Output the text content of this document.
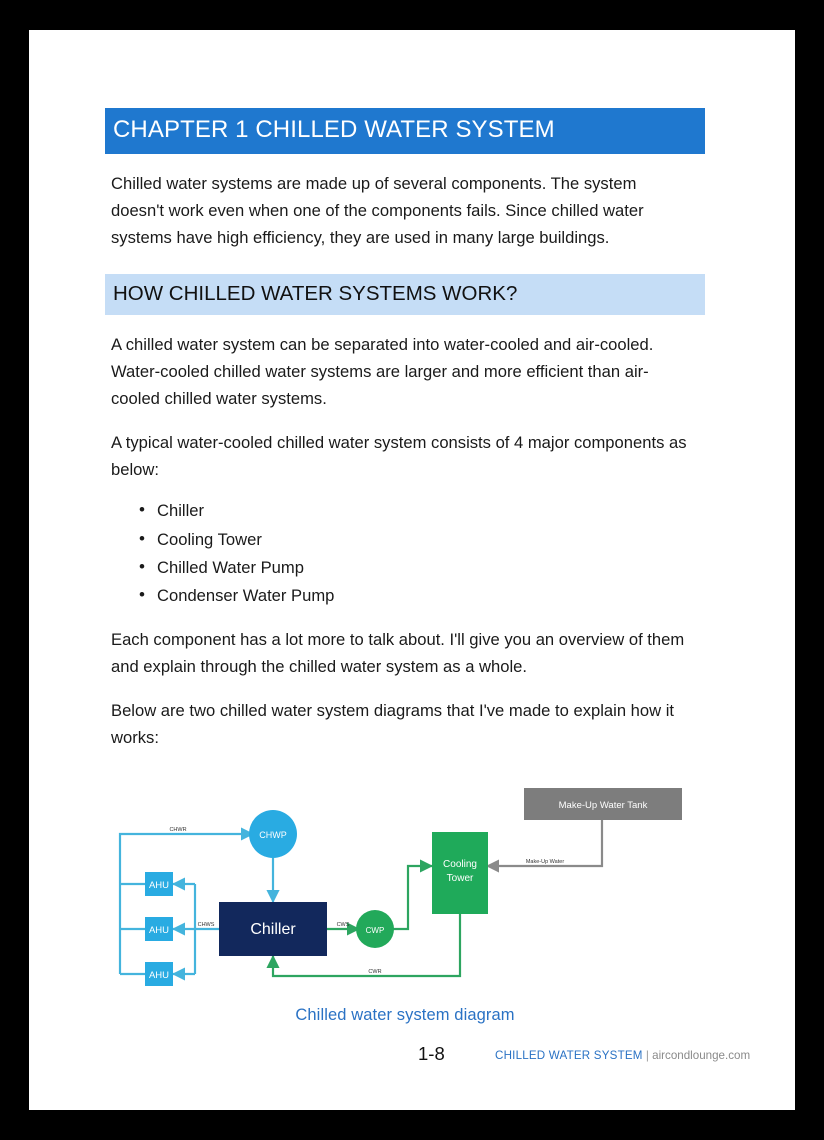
CHAPTER 1 CHILLED WATER SYSTEM

Chilled water systems are made up of several components. The system doesn't work even when one of the components fails. Since chilled water systems have high efficiency, they are used in many large buildings.

HOW CHILLED WATER SYSTEMS WORK?

A chilled water system can be separated into water-cooled and air-cooled. Water-cooled chilled water systems are larger and more efficient than air-cooled chilled water systems.

A typical water-cooled chilled water system consists of 4 major components as below:

• Chiller
• Cooling Tower
• Chilled Water Pump
• Condenser Water Pump

Each component has a lot more to talk about. I'll give you an overview of them and explain through the chilled water system as a whole.

Below are two chilled water system diagrams that I've made to explain how it works:

AHU
AHU
AHU
CHWP
Chiller	CWP
Cooling
Tower
Make-Up Water Tank
CHWR
CHWS	CWS
CWR
Make-Up Water
Chilled water system diagram
1-8	CHILLED WATER SYSTEM | aircondlounge.com
